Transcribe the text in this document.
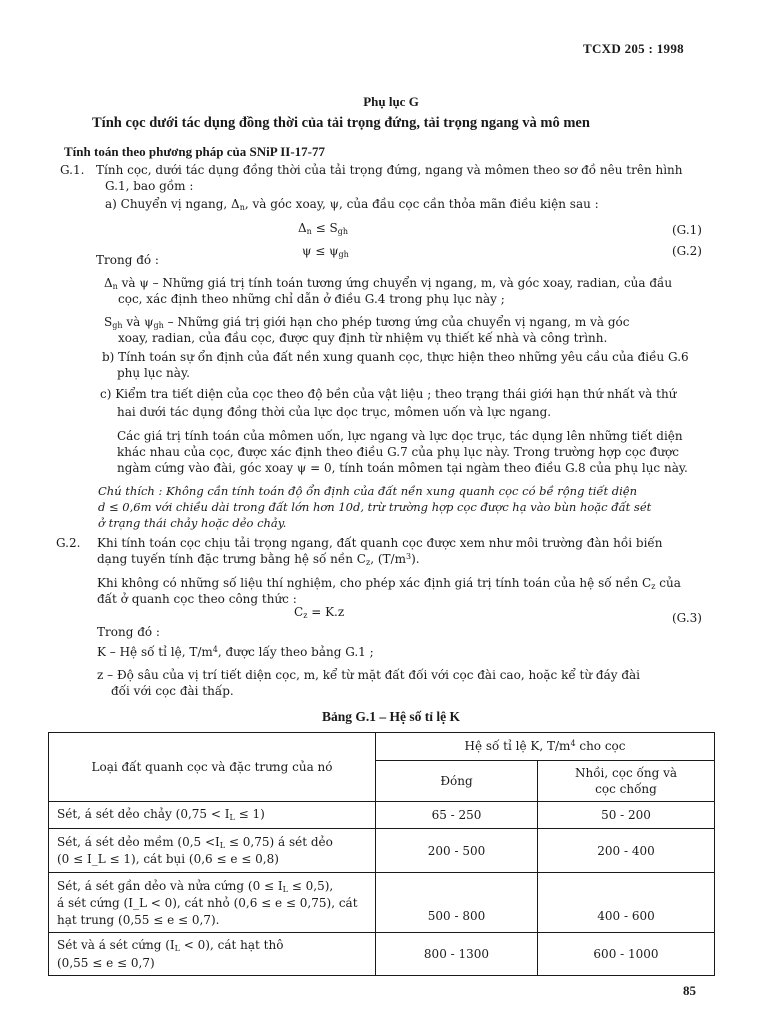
TCXD 205 : 1998
Phụ lục G
Tính cọc dưới tác dụng đồng thời của tải trọng đứng, tải trọng ngang và mô men
Tính toán theo phương pháp của SNiP II-17-77
G.1. Tính cọc, dưới tác dụng đồng thời của tải trọng đứng, ngang và mômen theo sơ đồ nêu trên hình
G.1, bao gồm :
a) Chuyển vị ngang, $\Delta_n$, và góc xoay, ψ, của đầu cọc cần thỏa mãn điều kiện sau :
$\Delta_n \le S_{gh}$	(G.1)
$\psi \le \psi_{gh}$	(G.2)
Trong đó :
$\Delta_n$ và ψ – Những giá trị tính toán tương ứng chuyển vị ngang, m, và góc xoay, radian, của đầu
cọc, xác định theo những chỉ dẫn ở điều G.4 trong phụ lục này ;
$S_{gh}$ và $\psi_{gh}$ – Những giá trị giới hạn cho phép tương ứng của chuyển vị ngang, m và góc
xoay, radian, của đầu cọc, được quy định từ nhiệm vụ thiết kế nhà và công trình.
b) Tính toán sự ổn định của đất nền xung quanh cọc, thực hiện theo những yêu cầu của điều G.6
phụ lục này.
c) Kiểm tra tiết diện của cọc theo độ bền của vật liệu ; theo trạng thái giới hạn thứ nhất và thứ
hai dưới tác dụng đồng thời của lực dọc trục, mômen uốn và lực ngang.
Các giá trị tính toán của mômen uốn, lực ngang và lực dọc trục, tác dụng lên những tiết diện
khác nhau của cọc, được xác định theo điều G.7 của phụ lục này. Trong trường hợp cọc được
ngàm cứng vào đài, góc xoay ψ = 0, tính toán mômen tại ngàm theo điều G.8 của phụ lục này.
Chú thích : Không cần tính toán độ ổn định của đất nền xung quanh cọc có bề rộng tiết diện
d ≤ 0,6m với chiều dài trong đất lớn hơn 10d, trừ trường hợp cọc được hạ vào bùn hoặc đất sét
ở trạng thái chảy hoặc dẻo chảy.
G.2. Khi tính toán cọc chịu tải trọng ngang, đất quanh cọc được xem như môi trường đàn hồi biến
dạng tuyến tính đặc trưng bằng hệ số nền $C_z$, $(T/m^3)$.
Khi không có những số liệu thí nghiệm, cho phép xác định giá trị tính toán của hệ số nền $C_z$ của
đất ở quanh cọc theo công thức :
$C_z = K.z$	(G.3)
Trong đó :
K – Hệ số tỉ lệ, $T/m^4$, được lấy theo bảng G.1 ;
z – Độ sâu của vị trí tiết diện cọc, m, kể từ mặt đất đối với cọc đài cao, hoặc kể từ đáy đài
đối với cọc đài thấp.
Bảng G.1 – Hệ số tỉ lệ K
Loại đất quanh cọc và đặc trưng của nó	Hệ số tỉ lệ K, $T/m^4$ cho cọc	
	Đóng	Nhồi, cọc ống và
cọc chống

Sét, á sét dẻo chảy $(0,75 < I_L \le 1)$	65 - 250	50 - 200
Sét, á sét dẻo mềm $(0,5 <I_L \le 0,75)$ á sét dẻo
(0 ≤ I_L ≤ 1), cát bụi (0,6 ≤ e ≤ 0,8)	200 - 500	200 - 400
Sét, á sét gần dẻo và nửa cứng $(0 \le I_L \le 0,5)$,
á sét cứng (I_L < 0), cát nhỏ (0,6 ≤ e ≤ 0,75), cát hạt trung (0,55 ≤ e ≤ 0,7).	500 - 800	400 - 600
Sét và á sét cứng $(I_L < 0)$, cát hạt thô
(0,55 ≤ e ≤ 0,7)	800 - 1300	600 - 1000
85
